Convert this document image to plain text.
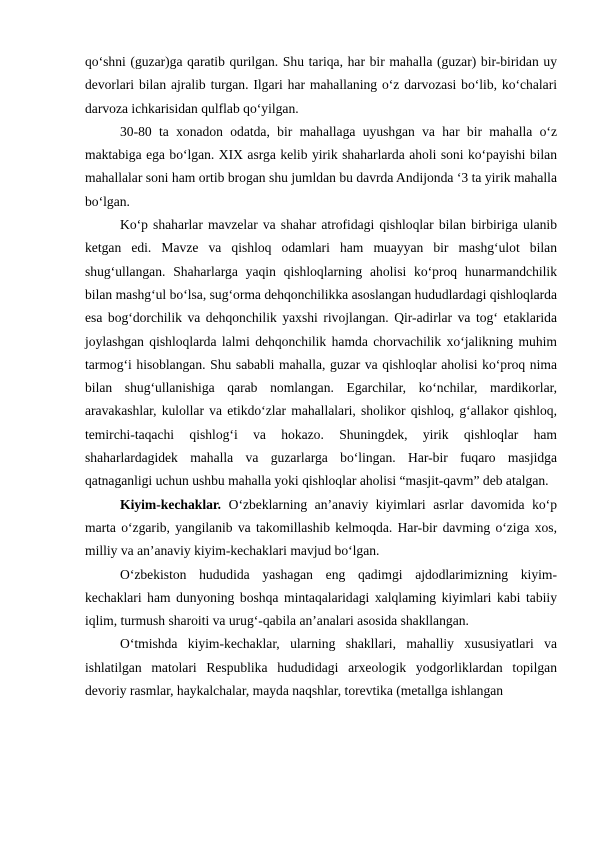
qo‘shni (guzar)ga qaratib qurilgan. Shu tariqa, har bir mahalla (guzar) bir-biridan uy devorlari bilan ajralib turgan. Ilgari har mahallaning o‘z darvozasi bo‘lib, ko‘chalari darvoza ichkarisidan qulflab qo‘yilgan.

30-80 ta xonadon odatda, bir mahallaga uyushgan va har bir mahalla o‘z maktabiga ega bo‘lgan. XIX asrga kelib yirik shaharlarda aholi soni ko‘payishi bilan mahallalar soni ham ortib brogan shu jumldan bu davrda Andijonda ‘3 ta yirik mahalla bo‘lgan.

Ko‘p shaharlar mavzelar va shahar atrofidagi qishloqlar bilan birbiriga ulanib ketgan edi. Mavze va qishloq odamlari ham muayyan bir mashg‘ulot bilan shug‘ullangan. Shaharlarga yaqin qishloqlarning aholisi ko‘proq hunarmandchilik bilan mashg‘ul bo‘lsa, sug‘orma dehqonchilikka asoslangan hududlardagi qishloqlarda esa bog‘dorchilik va dehqonchilik yaxshi rivojlangan. Qir-adirlar va tog‘ etaklarida joylashgan qishloqlarda lalmi dehqonchilik hamda chorvachilik xo‘jalikning muhim tarmog‘i hisoblangan. Shu sababli mahalla, guzar va qishloqlar aholisi ko‘proq nima bilan shug‘ullanishiga qarab nomlangan. Egarchilar, ko‘nchilar, mardikorlar, aravakashlar, kulollar va etikdo‘zlar mahallalari, sholikor qishloq, g‘allakor qishloq, temirchi-taqachi qishlog‘i va hokazo. Shuningdek, yirik qishloqlar ham shaharlardagidek mahalla va guzarlarga bo‘lingan. Har-bir fuqaro masjidga qatnaganligi uchun ushbu mahalla yoki qishloqlar aholisi “masjit-qavm” deb atalgan.

Kiyim-kechaklar. O‘zbeklarning an’anaviy kiyimlari asrlar davomida ko‘p marta o‘zgarib, yangilanib va takomillashib kelmoqda. Har-bir davming o‘ziga xos, milliy va an’anaviy kiyim-kechaklari mavjud bo‘lgan.

O‘zbekiston hududida yashagan eng qadimgi ajdodlarimizning kiyim-kechaklari ham dunyoning boshqa mintaqalaridagi xalqlaming kiyimlari kabi tabiiy iqlim, turmush sharoiti va urug‘-qabila an’analari asosida shakllangan.

O‘tmishda kiyim-kechaklar, ularning shakllari, mahalliy xususiyatlari va ishlatilgan matolari Respublika hududidagi arxeologik yodgorliklardan topilgan devoriy rasmlar, haykalchalar, mayda naqshlar, torevtika (metallga ishlangan
